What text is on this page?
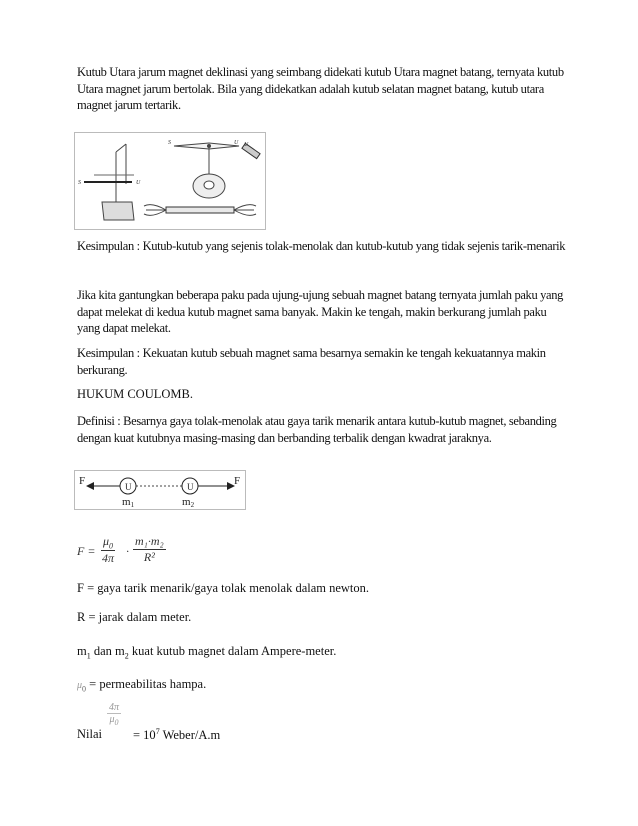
Kutub Utara jarum magnet deklinasi yang seimbang didekati kutub Utara magnet batang, ternyata kutub Utara magnet jarum bertolak. Bila yang didekatkan adalah kutub selatan magnet batang, kutub utara magnet jarum tertarik.

S	U
S	U U

Kesimpulan : Kutub-kutub yang sejenis tolak-menolak dan kutub-kutub yang tidak sejenis tarik-menarik

Jika kita gantungkan beberapa paku pada ujung-ujung sebuah magnet batang ternyata jumlah paku yang dapat melekat di kedua kutub magnet sama banyak. Makin ke tengah, makin berkurang jumlah paku yang dapat melekat.

Kesimpulan : Kekuatan kutub sebuah magnet sama besarnya semakin ke tengah kekuatannya makin berkurang.

HUKUM COULOMB.

Definisi : Besarnya gaya tolak-menolak atau gaya tarik menarik antara kutub-kutub magnet, sebanding dengan kuat kutubnya masing-masing dan berbanding terbalik dengan kwadrat jaraknya.

F	F
U	U
m1	m2
$F = \frac{\mu_0}{4\pi} \cdot \frac{\text{m₁·m₂}}{\text{R²}}$

F = gaya tarik menarik/gaya tolak menolak dalam newton.

R = jarak dalam meter.

$m_1$ dan $m_2$ kuat kutub magnet dalam Ampere-meter.

$\mu_0$ = permeabilitas hampa.

Nilai
$\frac{4\pi}{\mu_0}$
= $10^7$ Weber/A.m
